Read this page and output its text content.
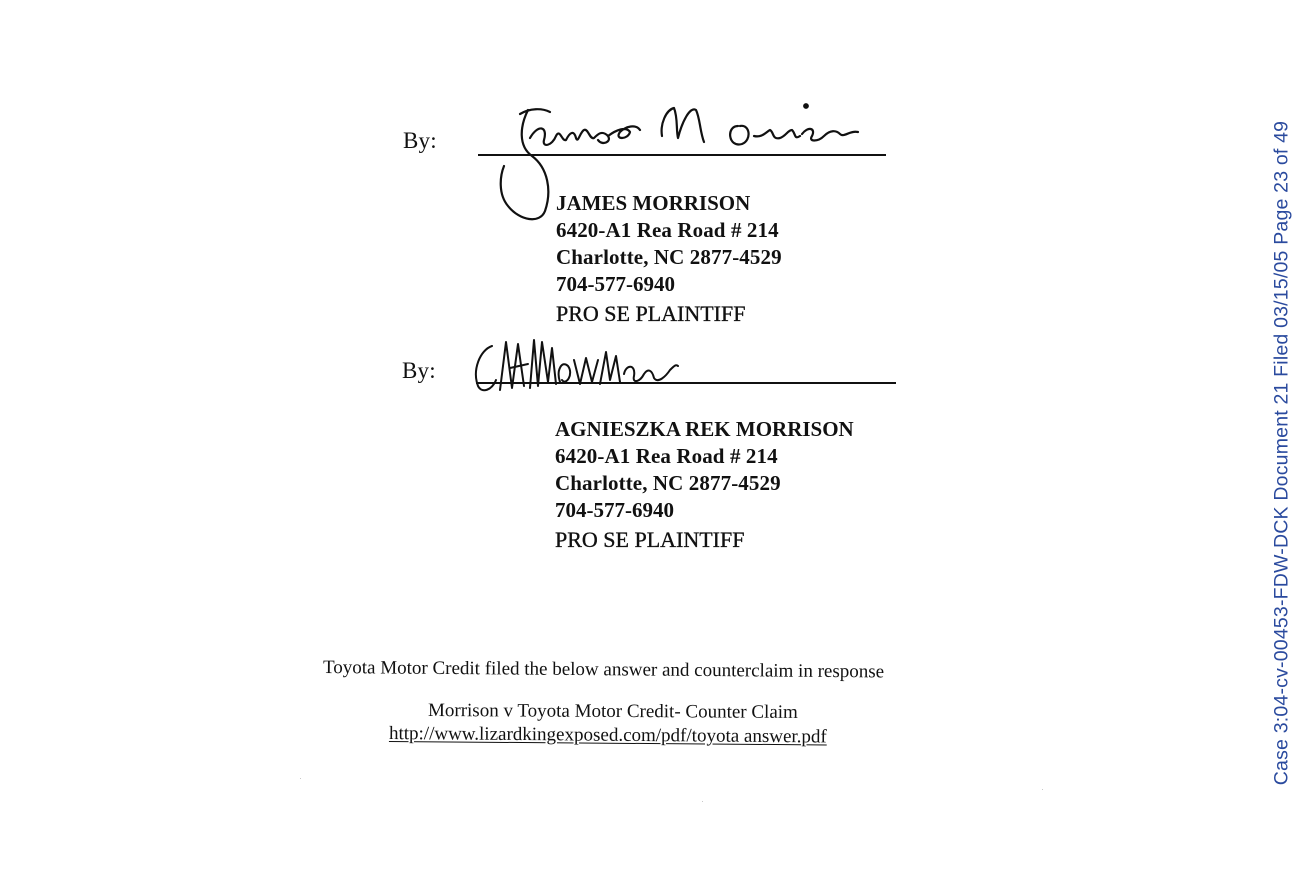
By:
JAMES MORRISON
6420-A1 Rea Road # 214
Charlotte, NC 2877-4529
704-577-6940
PRO SE PLAINTIFF
By:
AGNIESZKA REK MORRISON
6420-A1 Rea Road # 214
Charlotte, NC 2877-4529
704-577-6940
PRO SE PLAINTIFF
Toyota Motor Credit filed the below answer and counterclaim in response
Morrison v Toyota Motor Credit- Counter Claim
http://www.lizardkingexposed.com/pdf/toyota answer.pdf	Case 3:04-cv-00453-FDW-DCK Document 21 Filed 03/15/05 Page 23 of 49
